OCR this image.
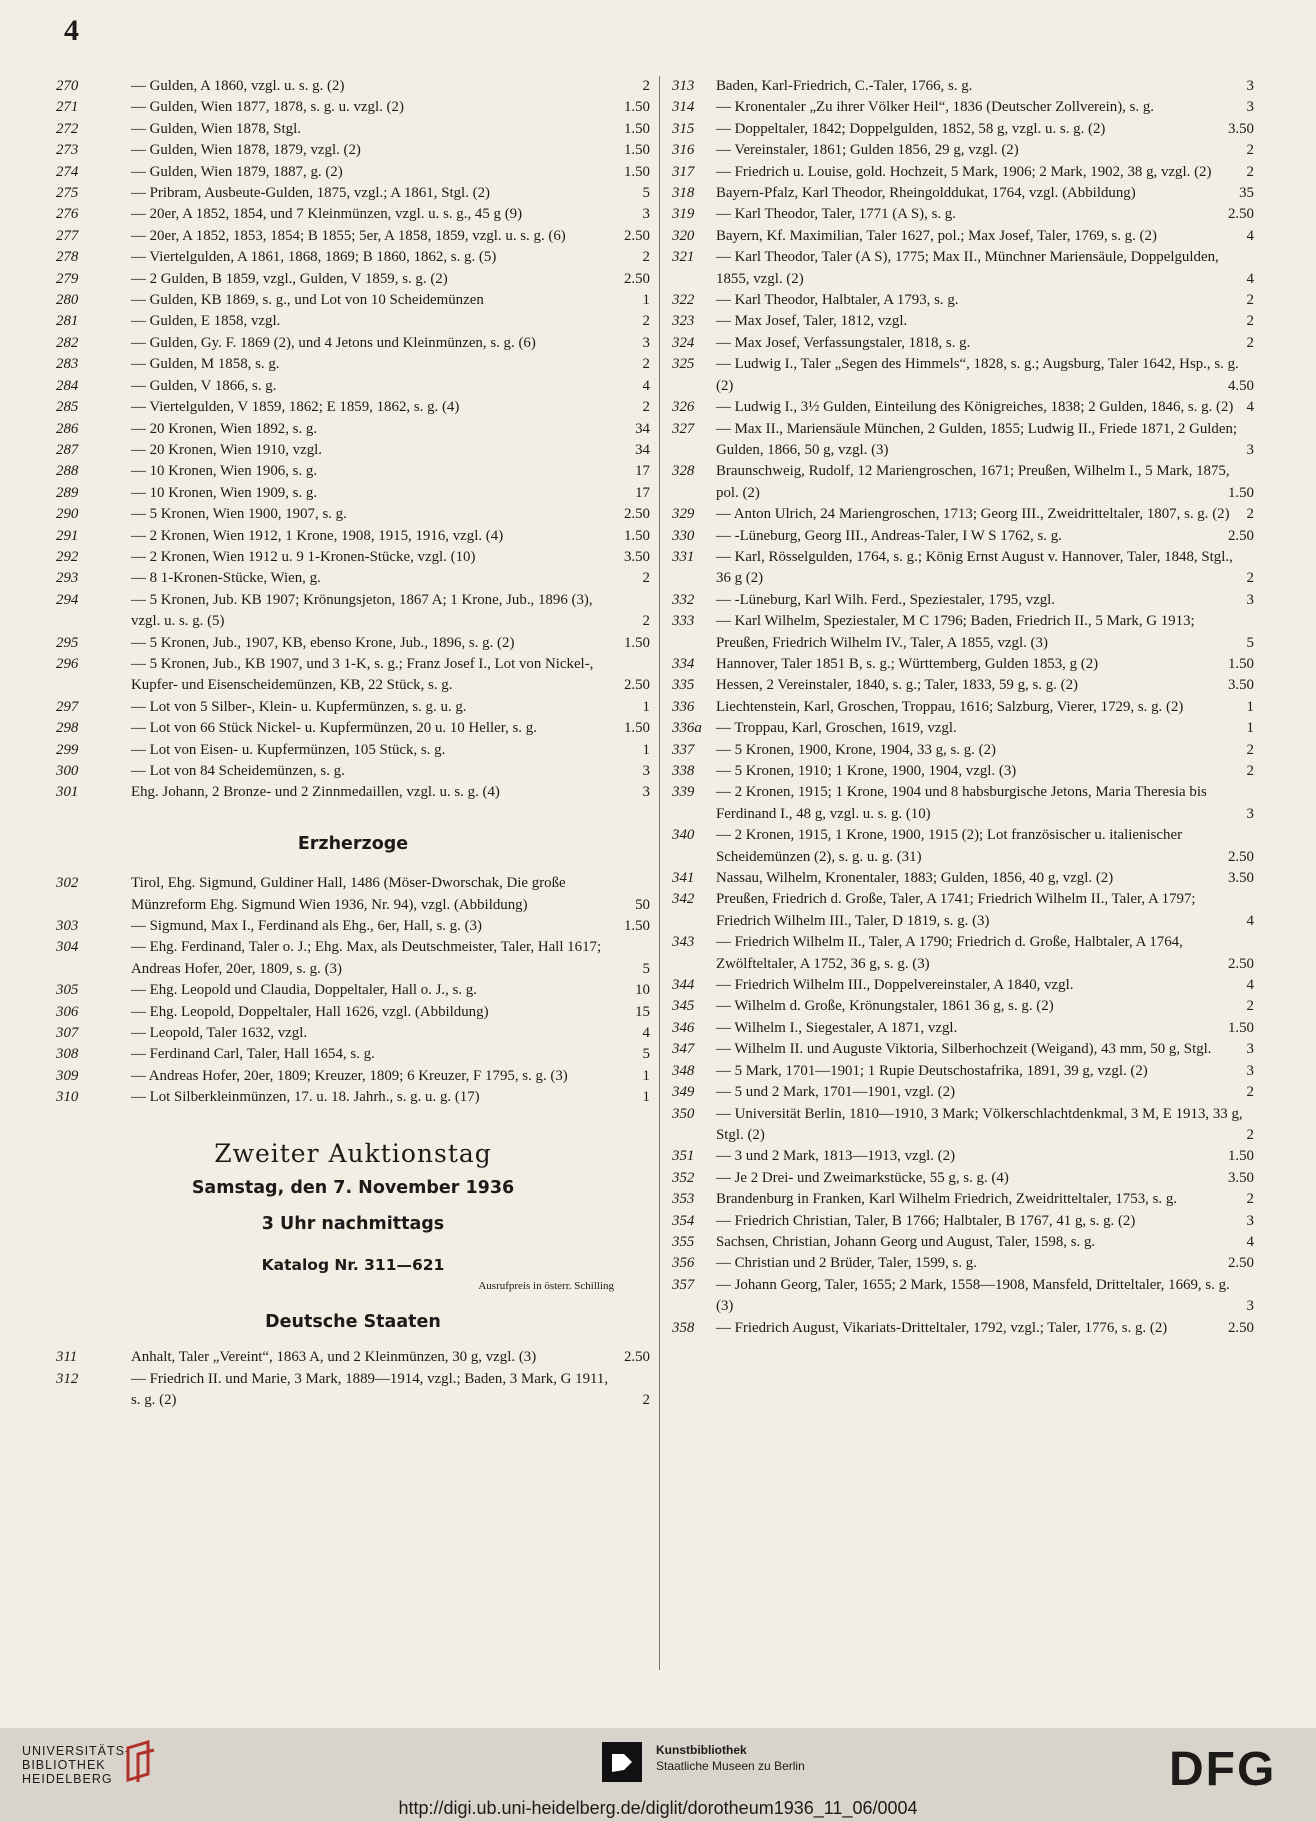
4
270	— Gulden, A 1860, vzgl. u. s. g. (2)	2
271	— Gulden, Wien 1877, 1878, s. g. u. vzgl. (2)	1.50
272	— Gulden, Wien 1878, Stgl.	1.50
273	— Gulden, Wien 1878, 1879, vzgl. (2)	1.50
274	— Gulden, Wien 1879, 1887, g. (2)	1.50
275	— Pribram, Ausbeute-Gulden, 1875, vzgl.; A 1861, Stgl. (2)	5
276	— 20er, A 1852, 1854, und 7 Kleinmünzen, vzgl. u. s. g., 45 g (9)	3
277	— 20er, A 1852, 1853, 1854; B 1855; 5er, A 1858, 1859, vzgl. u. s. g. (6)	2.50
278	— Viertelgulden, A 1861, 1868, 1869; B 1860, 1862, s. g. (5)	2
279	— 2 Gulden, B 1859, vzgl., Gulden, V 1859, s. g. (2)	2.50
280	— Gulden, KB 1869, s. g., und Lot von 10 Scheidemünzen	1
281	— Gulden, E 1858, vzgl.	2
282	— Gulden, Gy. F. 1869 (2), und 4 Jetons und Kleinmünzen, s. g. (6)	3
283	— Gulden, M 1858, s. g.	2
284	— Gulden, V 1866, s. g.	4
285	— Viertelgulden, V 1859, 1862; E 1859, 1862, s. g. (4)	2
286	— 20 Kronen, Wien 1892, s. g.	34
287	— 20 Kronen, Wien 1910, vzgl.	34
288	— 10 Kronen, Wien 1906, s. g.	17
289	— 10 Kronen, Wien 1909, s. g.	17
290	— 5 Kronen, Wien 1900, 1907, s. g.	2.50
291	— 2 Kronen, Wien 1912, 1 Krone, 1908, 1915, 1916, vzgl. (4)	1.50
292	— 2 Kronen, Wien 1912 u. 9 1-Kronen-Stücke, vzgl. (10)	3.50
293	— 8 1-Kronen-Stücke, Wien, g.	2
294	— 5 Kronen, Jub. KB 1907; Krönungsjeton, 1867 A; 1 Krone, Jub., 1896 (3), vzgl. u. s. g. (5)	2
295	— 5 Kronen, Jub., 1907, KB, ebenso Krone, Jub., 1896, s. g. (2)	1.50
296	— 5 Kronen, Jub., KB 1907, und 3 1-K, s. g.; Franz Josef I., Lot von Nickel-, Kupfer- und Eisenscheidemünzen, KB, 22 Stück, s. g.	2.50
297	— Lot von 5 Silber-, Klein- u. Kupfermünzen, s. g. u. g.	1
298	— Lot von 66 Stück Nickel- u. Kupfermünzen, 20 u. 10 Heller, s. g.	1.50
299	— Lot von Eisen- u. Kupfermünzen, 105 Stück, s. g.	1
300	— Lot von 84 Scheidemünzen, s. g.	3
301	Ehg. Johann, 2 Bronze- und 2 Zinnmedaillen, vzgl. u. s. g. (4)	3
Erzherzoge
302	Tirol, Ehg. Sigmund, Guldiner Hall, 1486 (Möser-Dworschak, Die große Münzreform Ehg. Sigmund Wien 1936, Nr. 94), vzgl. (Abbildung)	50
303	— Sigmund, Max I., Ferdinand als Ehg., 6er, Hall, s. g. (3)	1.50
304	— Ehg. Ferdinand, Taler o. J.; Ehg. Max, als Deutschmeister, Taler, Hall 1617; Andreas Hofer, 20er, 1809, s. g. (3)	5
305	— Ehg. Leopold und Claudia, Doppeltaler, Hall o. J., s. g.	10
306	— Ehg. Leopold, Doppeltaler, Hall 1626, vzgl. (Abbildung)	15
307	— Leopold, Taler 1632, vzgl.	4
308	— Ferdinand Carl, Taler, Hall 1654, s. g.	5
309	— Andreas Hofer, 20er, 1809; Kreuzer, 1809; 6 Kreuzer, F 1795, s. g. (3)	1
310	— Lot Silberkleinmünzen, 17. u. 18. Jahrh., s. g. u. g. (17)	1
Zweiter Auktionstag
Samstag, den 7. November 1936
3 Uhr nachmittags
Katalog Nr. 311—621
Ausrufpreis in österr. Schilling
Deutsche Staaten
311	Anhalt, Taler „Vereint“, 1863 A, und 2 Kleinmünzen, 30 g, vzgl. (3)	2.50
312	— Friedrich II. und Marie, 3 Mark, 1889—1914, vzgl.; Baden, 3 Mark, G 1911, s. g. (2)	2
313 Baden, Karl-Friedrich, C.-Taler, 1766, s. g.	3
314 — Kronentaler „Zu ihrer Völker Heil“, 1836 (Deutscher Zollverein), s. g.	3
315 — Doppeltaler, 1842; Doppelgulden, 1852, 58 g, vzgl. u. s. g. (2)	3.50
316 — Vereinstaler, 1861; Gulden 1856, 29 g, vzgl. (2)	2
317 — Friedrich u. Louise, gold. Hochzeit, 5 Mark, 1906; 2 Mark, 1902, 38 g, vzgl. (2) 2
318 Bayern-Pfalz, Karl Theodor, Rheingolddukat, 1764, vzgl. (Abbildung)	35
319 — Karl Theodor, Taler, 1771 (A S), s. g.	2.50
320 Bayern, Kf. Maximilian, Taler 1627, pol.; Max Josef, Taler, 1769, s. g. (2)	4
321 — Karl Theodor, Taler (A S), 1775; Max II., Münchner Mariensäule, Doppelgulden, 1855, vzgl. (2)	4
322 — Karl Theodor, Halbtaler, A 1793, s. g.	2
323 — Max Josef, Taler, 1812, vzgl.	2
324 — Max Josef, Verfassungstaler, 1818, s. g.	2
325 — Ludwig I., Taler „Segen des Himmels“, 1828, s. g.; Augsburg, Taler 1642, Hsp., s. g. (2)	4.50
326 — Ludwig I., 3½ Gulden, Einteilung des Königreiches, 1838; 2 Gulden, 1846, s. g. (2) 4
327 — Max II., Mariensäule München, 2 Gulden, 1855; Ludwig II., Friede 1871, 2 Gulden; Gulden, 1866, 50 g, vzgl. (3)	3
328 Braunschweig, Rudolf, 12 Mariengroschen, 1671; Preußen, Wilhelm I., 5 Mark, 1875, pol. (2)	1.50
329 — Anton Ulrich, 24 Mariengroschen, 1713; Georg III., Zweidritteltaler, 1807, s. g. (2) 2
330 — -Lüneburg, Georg III., Andreas-Taler, I W S 1762, s. g.	2.50
331 — Karl, Rösselgulden, 1764, s. g.; König Ernst August v. Hannover, Taler, 1848, Stgl., 36 g (2)	2
332 — -Lüneburg, Karl Wilh. Ferd., Speziestaler, 1795, vzgl.	3
333 — Karl Wilhelm, Speziestaler, M C 1796; Baden, Friedrich II., 5 Mark, G 1913; Preußen, Friedrich Wilhelm IV., Taler, A 1855, vzgl. (3)	5
334 Hannover, Taler 1851 B, s. g.; Württemberg, Gulden 1853, g (2)	1.50
335 Hessen, 2 Vereinstaler, 1840, s. g.; Taler, 1833, 59 g, s. g. (2)	3.50
336 Liechtenstein, Karl, Groschen, Troppau, 1616; Salzburg, Vierer, 1729, s. g. (2)	1
336a — Troppau, Karl, Groschen, 1619, vzgl.	1
337 — 5 Kronen, 1900, Krone, 1904, 33 g, s. g. (2)	2
338 — 5 Kronen, 1910; 1 Krone, 1900, 1904, vzgl. (3)	2
339 — 2 Kronen, 1915; 1 Krone, 1904 und 8 habsburgische Jetons, Maria Theresia bis Ferdinand I., 48 g, vzgl. u. s. g. (10)	3
340 — 2 Kronen, 1915, 1 Krone, 1900, 1915 (2); Lot französischer u. italienischer Scheidemünzen (2), s. g. u. g. (31)	2.50
341 Nassau, Wilhelm, Kronentaler, 1883; Gulden, 1856, 40 g, vzgl. (2)	3.50
342 Preußen, Friedrich d. Große, Taler, A 1741; Friedrich Wilhelm II., Taler, A 1797; Friedrich Wilhelm III., Taler, D 1819, s. g. (3)	4
343 — Friedrich Wilhelm II., Taler, A 1790; Friedrich d. Große, Halbtaler, A 1764, Zwölfteltaler, A 1752, 36 g, s. g. (3)	2.50
344 — Friedrich Wilhelm III., Doppelvereinstaler, A 1840, vzgl.	4
345 — Wilhelm d. Große, Krönungstaler, 1861 36 g, s. g. (2)	2
346 — Wilhelm I., Siegestaler, A 1871, vzgl.	1.50
347 — Wilhelm II. und Auguste Viktoria, Silberhochzeit (Weigand), 43 mm, 50 g, Stgl. 3
348 — 5 Mark, 1701—1901; 1 Rupie Deutschostafrika, 1891, 39 g, vzgl. (2)	3
349 — 5 und 2 Mark, 1701—1901, vzgl. (2)	2
350 — Universität Berlin, 1810—1910, 3 Mark; Völkerschlachtdenkmal, 3 M, E 1913, 33 g, Stgl. (2)	2
351 — 3 und 2 Mark, 1813—1913, vzgl. (2)	1.50
352 — Je 2 Drei- und Zweimarkstücke, 55 g, s. g. (4)	3.50
353 Brandenburg in Franken, Karl Wilhelm Friedrich, Zweidritteltaler, 1753, s. g.	2
354 — Friedrich Christian, Taler, B 1766; Halbtaler, B 1767, 41 g, s. g. (2)	3
355 Sachsen, Christian, Johann Georg und August, Taler, 1598, s. g.	4
356 — Christian und 2 Brüder, Taler, 1599, s. g.	2.50
357 — Johann Georg, Taler, 1655; 2 Mark, 1558—1908, Mansfeld, Dritteltaler, 1669, s. g. (3)	3
358 — Friedrich August, Vikariats-Dritteltaler, 1792, vzgl.; Taler, 1776, s. g. (2)	2.50
UNIVERSITÄTS-
BIBLIOTHEK
HEIDELBERG
Kunstbibliothek
Staatliche Museen zu Berlin	DFG
http://digi.ub.uni-heidelberg.de/diglit/dorotheum1936_11_06/0004
